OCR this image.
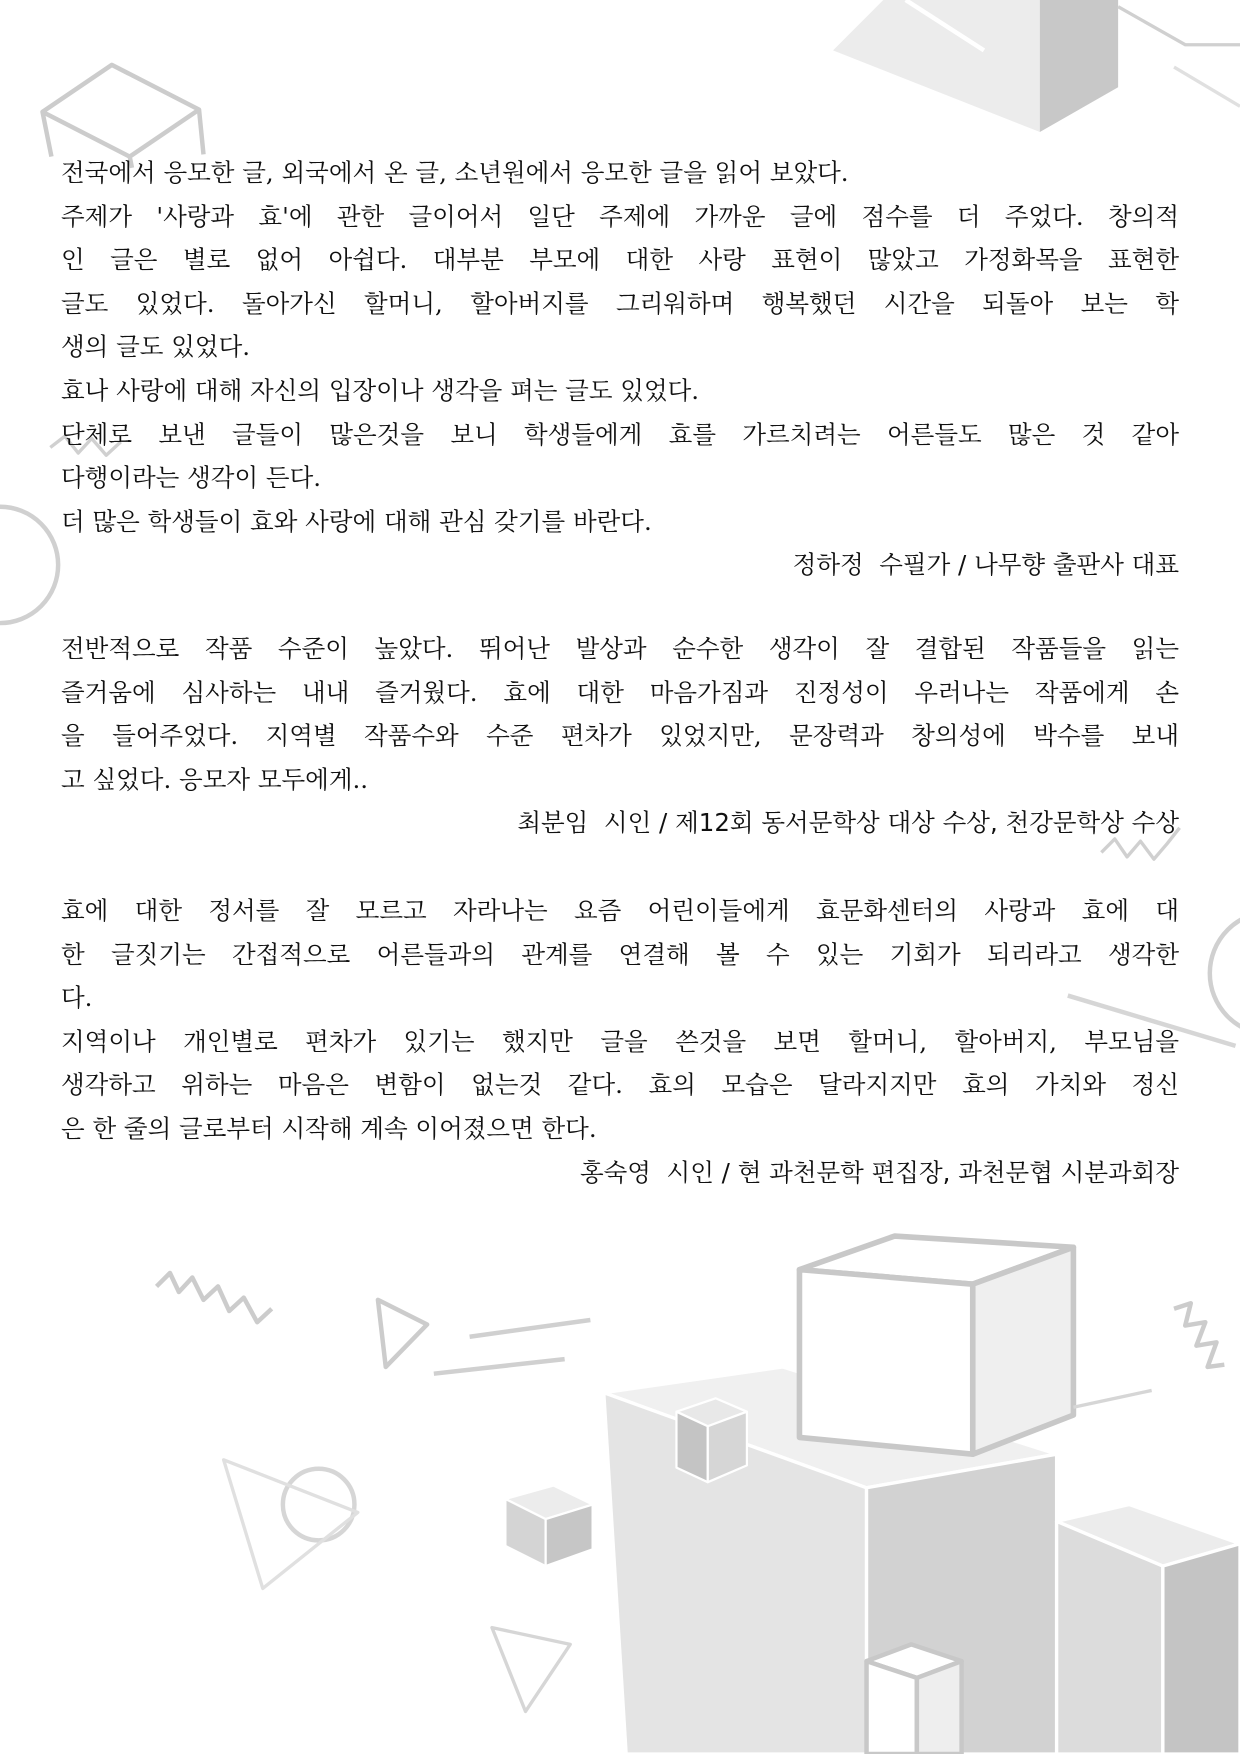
전국에서 응모한 글, 외국에서 온 글, 소년원에서 응모한 글을 읽어 보았다.
주제가 '사랑과 효'에 관한 글이어서 일단 주제에 가까운 글에 점수를 더 주었다. 창의적
인 글은 별로 없어 아쉽다. 대부분 부모에 대한 사랑 표현이 많았고 가정화목을 표현한
글도 있었다. 돌아가신 할머니, 할아버지를 그리워하며 행복했던 시간을 되돌아 보는 학
생의 글도 있었다.
효나 사랑에 대해 자신의 입장이나 생각을 펴는 글도 있었다.
단체로 보낸 글들이 많은것을 보니 학생들에게 효를 가르치려는 어른들도 많은 것 같아
다행이라는 생각이 든다.
더 많은 학생들이 효와 사랑에 대해 관심 갖기를 바란다.
정하정  수필가 / 나무향 출판사 대표
전반적으로 작품 수준이 높았다. 뛰어난 발상과 순수한 생각이 잘 결합된 작품들을 읽는
즐거움에 심사하는 내내 즐거웠다. 효에 대한 마음가짐과 진정성이 우러나는 작품에게 손
을 들어주었다. 지역별 작품수와 수준 편차가 있었지만, 문장력과 창의성에 박수를 보내
고 싶었다. 응모자 모두에게..
최분임  시인 / 제12회 동서문학상 대상 수상, 천강문학상 수상
효에 대한 정서를 잘 모르고 자라나는 요즘 어린이들에게 효문화센터의 사랑과 효에 대
한 글짓기는 간접적으로 어른들과의 관계를 연결해 볼 수 있는 기회가 되리라고 생각한
다.
지역이나 개인별로 편차가 있기는 했지만 글을 쓴것을 보면 할머니, 할아버지, 부모님을
생각하고 위하는 마음은 변함이 없는것 같다. 효의 모습은 달라지지만 효의 가치와 정신
은 한 줄의 글로부터 시작해 계속 이어졌으면 한다.
홍숙영  시인 / 현 과천문학 편집장, 과천문협 시분과회장
